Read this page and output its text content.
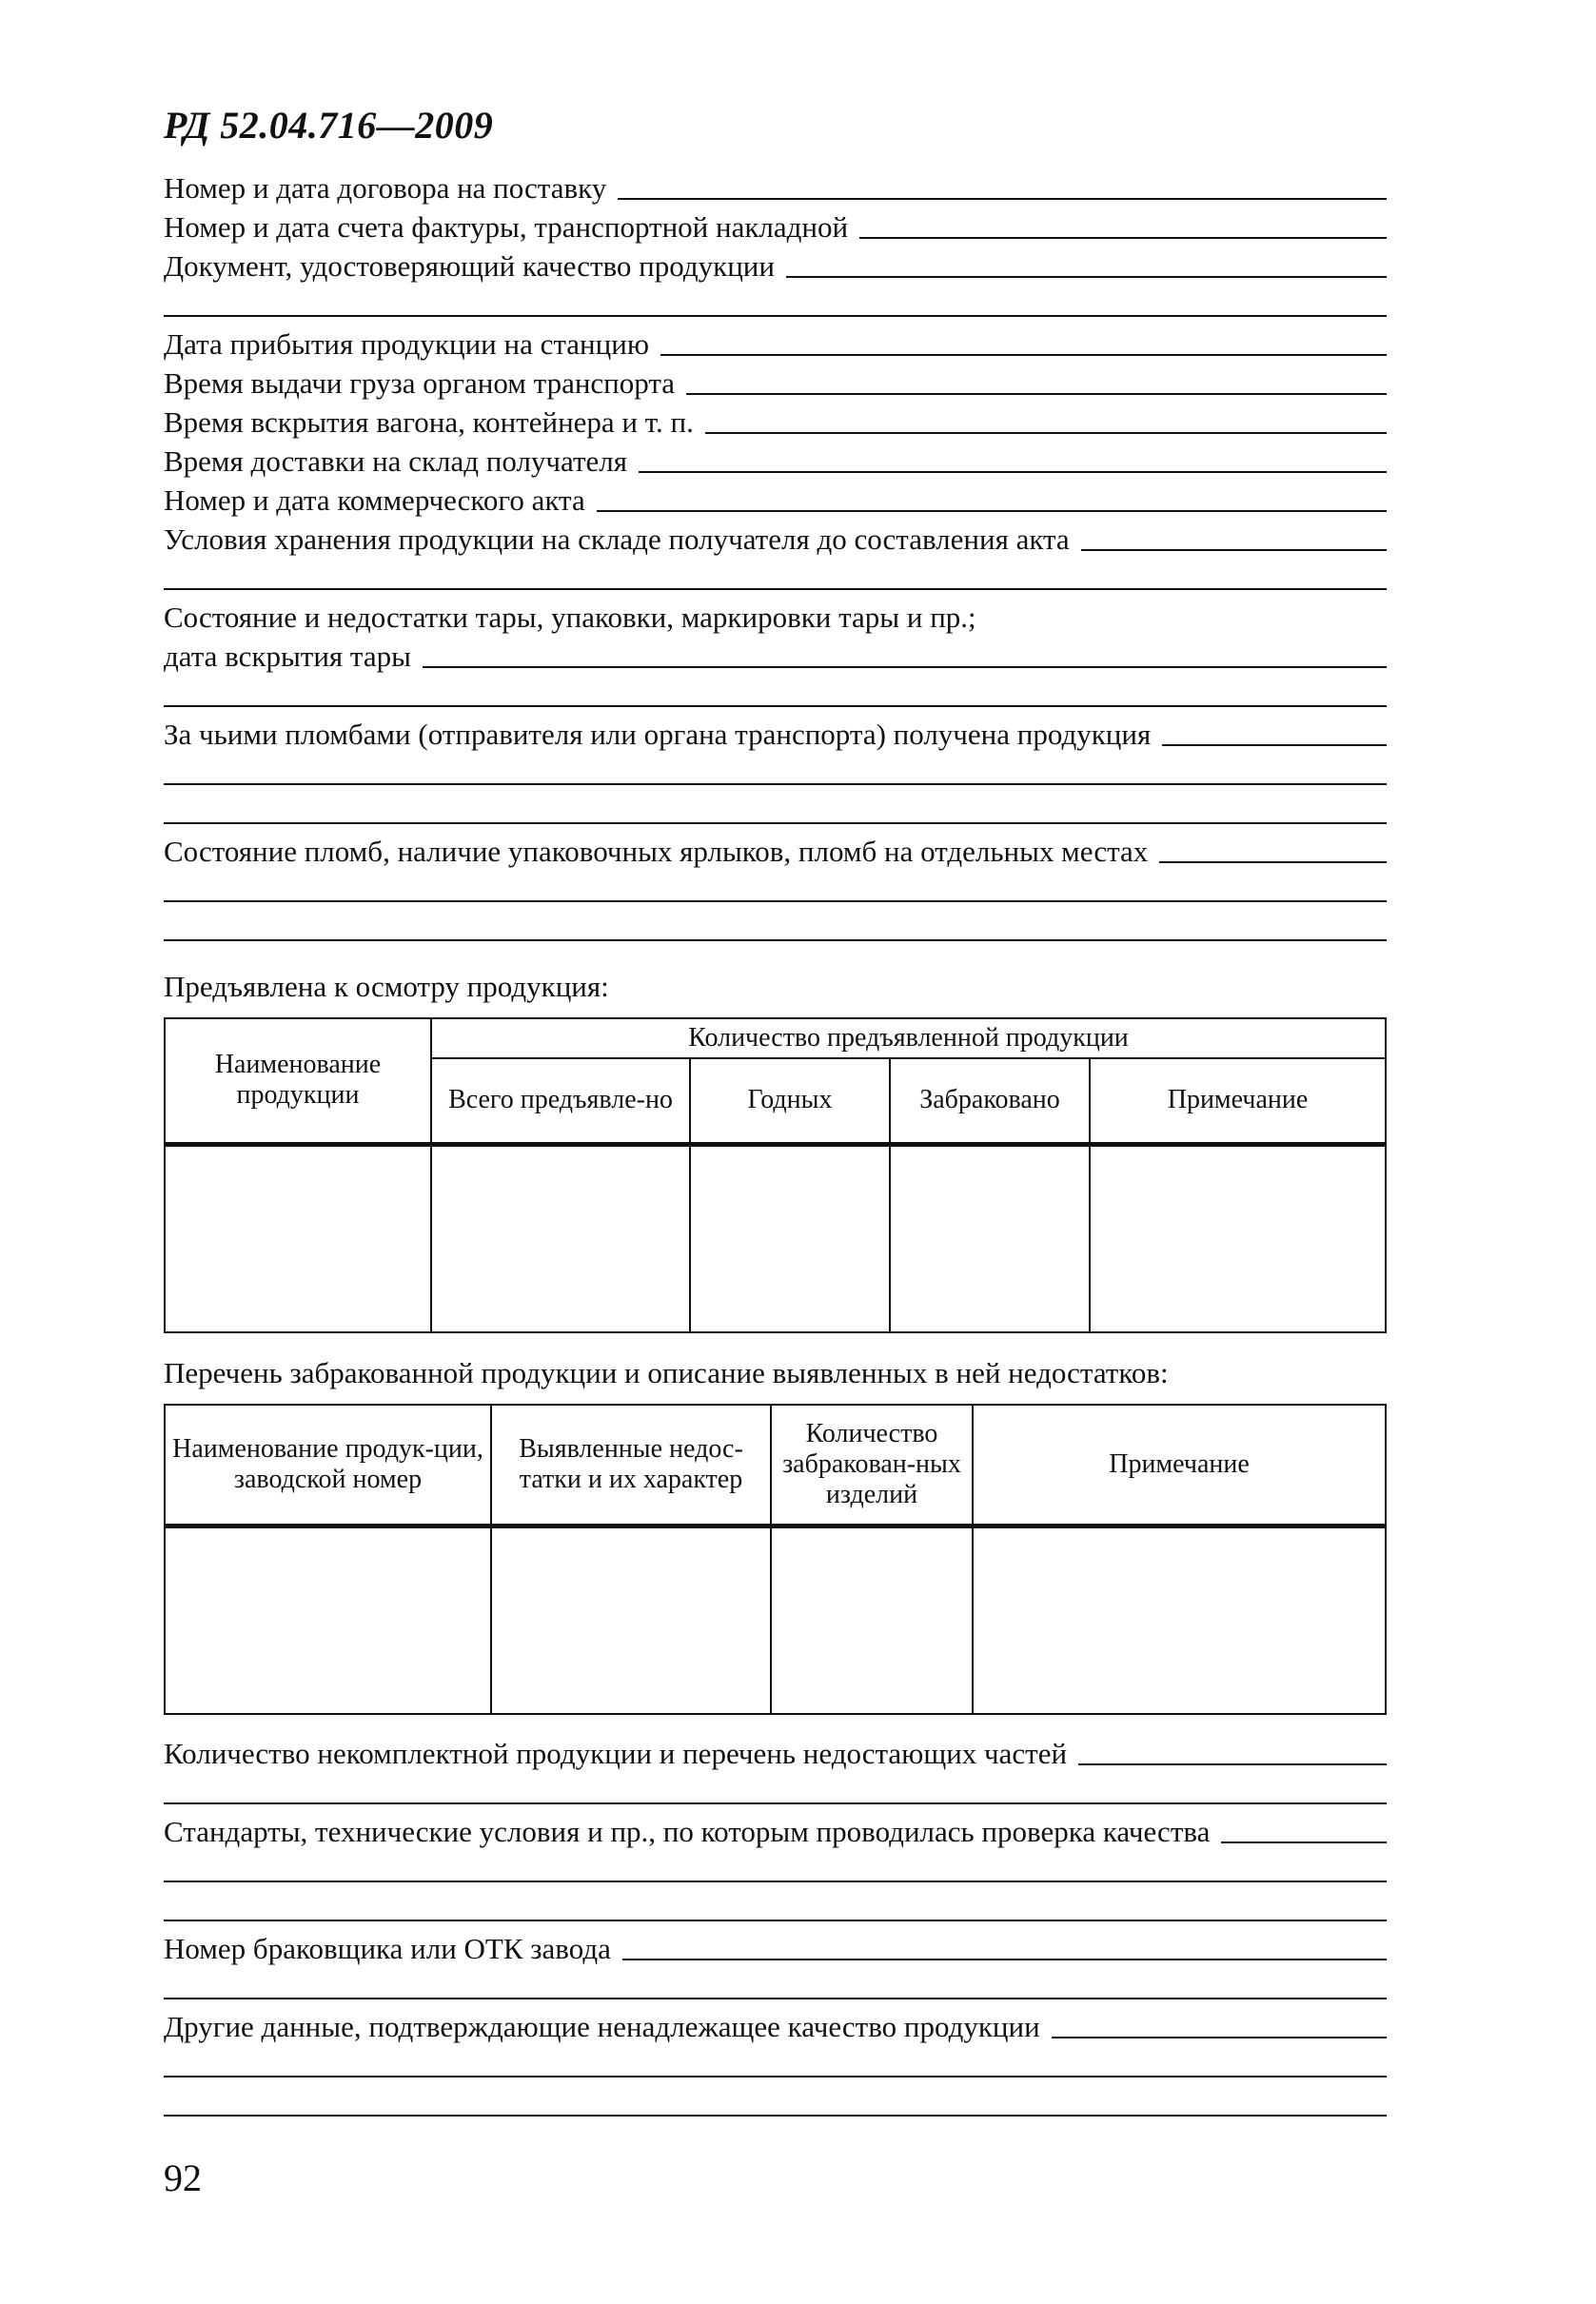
РД 52.04.716—2009
Номер и дата договора на поставку
Номер и дата счета фактуры, транспортной накладной
Документ, удостоверяющий качество продукции
Дата прибытия продукции на станцию
Время выдачи груза органом транспорта
Время вскрытия вагона, контейнера и т. п.
Время доставки на склад получателя
Номер и дата коммерческого акта
Условия хранения продукции на складе получателя до составления акта
Состояние и недостатки тары, упаковки, маркировки тары и пр.;
дата вскрытия тары
За чьими пломбами (отправителя или органа транспорта) получена продукция
Состояние пломб, наличие упаковочных ярлыков, пломб на отдельных местах
Предъявлена к осмотру продукция:
Наименование продукции	Количество предъявленной продукции			
	Всего предъявле-но	Годных	Забраковано	Примечание

Перечень забракованной продукции и описание выявленных в ней недостатков:
Наименование продук-ции, заводской номер	Выявленные недос-татки и их характер	Количество забракован-ных изделий	Примечание

Количество некомплектной продукции и перечень недостающих частей
Стандарты, технические условия и пр., по которым проводилась проверка качества
Номер браковщика или ОТК завода
Другие данные, подтверждающие ненадлежащее качество продукции
92
